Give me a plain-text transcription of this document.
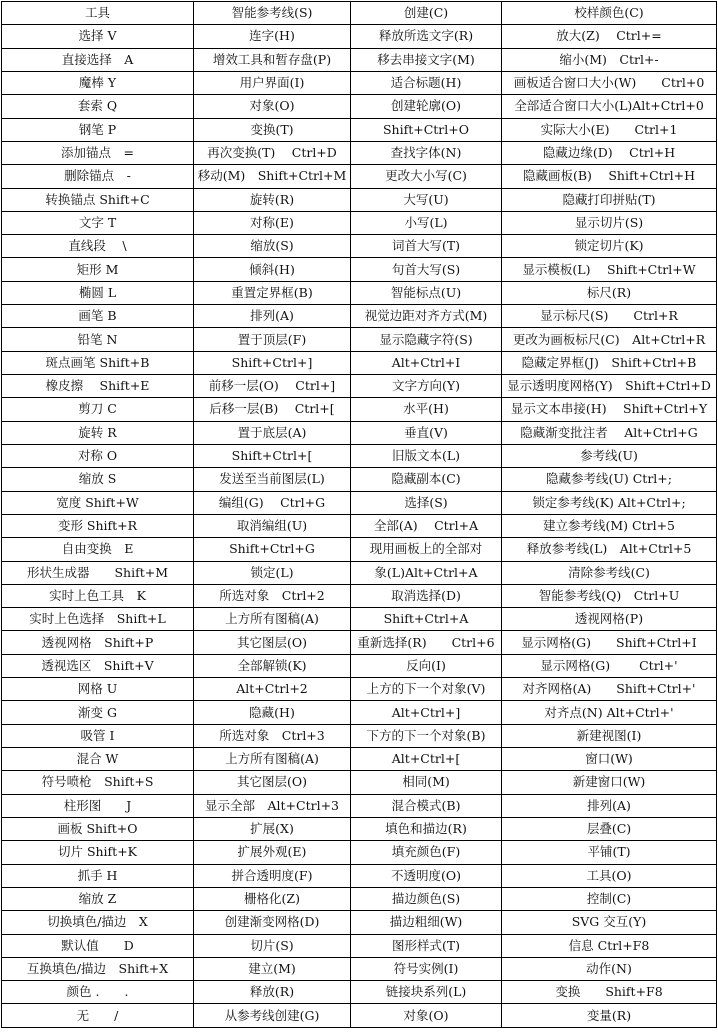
工具	智能参考线(S)	创建(C)	校样颜色(C)
选择 V	连字(H)	释放所选文字(R)	放大(Z)　 Ctrl+=
直接选择　A	增效工具和暂存盘(P)	移去串接文字(M)	缩小(M)　Ctrl+-
魔棒 Y	用户界面(I)	适合标题(H)	画板适合窗口大小(W)　　Ctrl+0
套索 Q	对象(O)	创建轮廓(O)	全部适合窗口大小(L)Alt+Ctrl+0
钢笔 P	变换(T)	Shift+Ctrl+O	实际大小(E)　　Ctrl+1
添加锚点　=	再次变换(T)　 Ctrl+D	查找字体(N)	隐藏边缘(D)　 Ctrl+H
删除锚点　-	移动(M)　Shift+Ctrl+M	更改大小写(C)	隐藏画板(B)　 Shift+Ctrl+H
转换锚点 Shift+C	旋转(R)	大写(U)	隐藏打印拼贴(T)
文字 T	对称(E)	小写(L)	显示切片(S)
直线段　 \	缩放(S)	词首大写(T)	锁定切片(K)
矩形 M	倾斜(H)	句首大写(S)	显示模板(L)　 Shift+Ctrl+W
椭圆 L	重置定界框(B)	智能标点(U)	标尺(R)
画笔 B	排列(A)	视觉边距对齐方式(M)	显示标尺(S)　　Ctrl+R
铅笔 N	置于顶层(F)	显示隐藏字符(S)	更改为画板标尺(C)　Alt+Ctrl+R
斑点画笔 Shift+B	Shift+Ctrl+]	Alt+Ctrl+I	隐藏定界框(J)　Shift+Ctrl+B
橡皮擦　 Shift+E	前移一层(O)　 Ctrl+]	文字方向(Y)	显示透明度网格(Y)　Shift+Ctrl+D
剪刀 C	后移一层(B)　 Ctrl+[	水平(H)	显示文本串接(H)　 Shift+Ctrl+Y
旋转 R	置于底层(A)	垂直(V)	隐藏渐变批注者　 Alt+Ctrl+G
对称 O	Shift+Ctrl+[	旧版文本(L)	参考线(U)
缩放 S	发送至当前图层(L)	隐藏副本(C)	隐藏参考线(U) Ctrl+;
宽度 Shift+W	编组(G)　 Ctrl+G	选择(S)	锁定参考线(K) Alt+Ctrl+;
变形 Shift+R	取消编组(U)	全部(A)　 Ctrl+A	建立参考线(M) Ctrl+5
自由变换　E	Shift+Ctrl+G	现用画板上的全部对	释放参考线(L)　Alt+Ctrl+5
形状生成器　　Shift+M	锁定(L)	象(L)Alt+Ctrl+A	清除参考线(C)
实时上色工具　K	所选对象　Ctrl+2	取消选择(D)	智能参考线(Q)　Ctrl+U
实时上色选择　Shift+L	上方所有图稿(A)	Shift+Ctrl+A	透视网格(P)
透视网格　Shift+P	其它图层(O)	重新选择(R)　　Ctrl+6	显示网格(G)　　Shift+Ctrl+I
透视选区　Shift+V	全部解锁(K)	反向(I)	显示网格(G)　　 Ctrl+'
网格 U	Alt+Ctrl+2	上方的下一个对象(V)	对齐网格(A)　　Shift+Ctrl+'
渐变 G	隐藏(H)	Alt+Ctrl+]	对齐点(N) Alt+Ctrl+'
吸管 I	所选对象　Ctrl+3	下方的下一个对象(B)	新建视图(I)
混合 W	上方所有图稿(A)	Alt+Ctrl+[	窗口(W)
符号喷枪　Shift+S	其它图层(O)	相同(M)	新建窗口(W)
柱形图　　J	显示全部　Alt+Ctrl+3	混合模式(B)	排列(A)
画板 Shift+O	扩展(X)	填色和描边(R)	层叠(C)
切片 Shift+K	扩展外观(E)	填充颜色(F)	平铺(T)
抓手 H	拼合透明度(F)	不透明度(O)	工具(O)
缩放 Z	栅格化(Z)	描边颜色(S)	控制(C)
切换填色/描边　X	创建渐变网格(D)	描边粗细(W)	SVG 交互(Y)
默认值　　D	切片(S)	图形样式(T)	信息 Ctrl+F8
互换填色/描边　Shift+X	建立(M)	符号实例(I)	动作(N)
颜色 .　　.	释放(R)	链接块系列(L)	变换　　Shift+F8
无　　/	从参考线创建(G)	对象(O)	变量(R)
